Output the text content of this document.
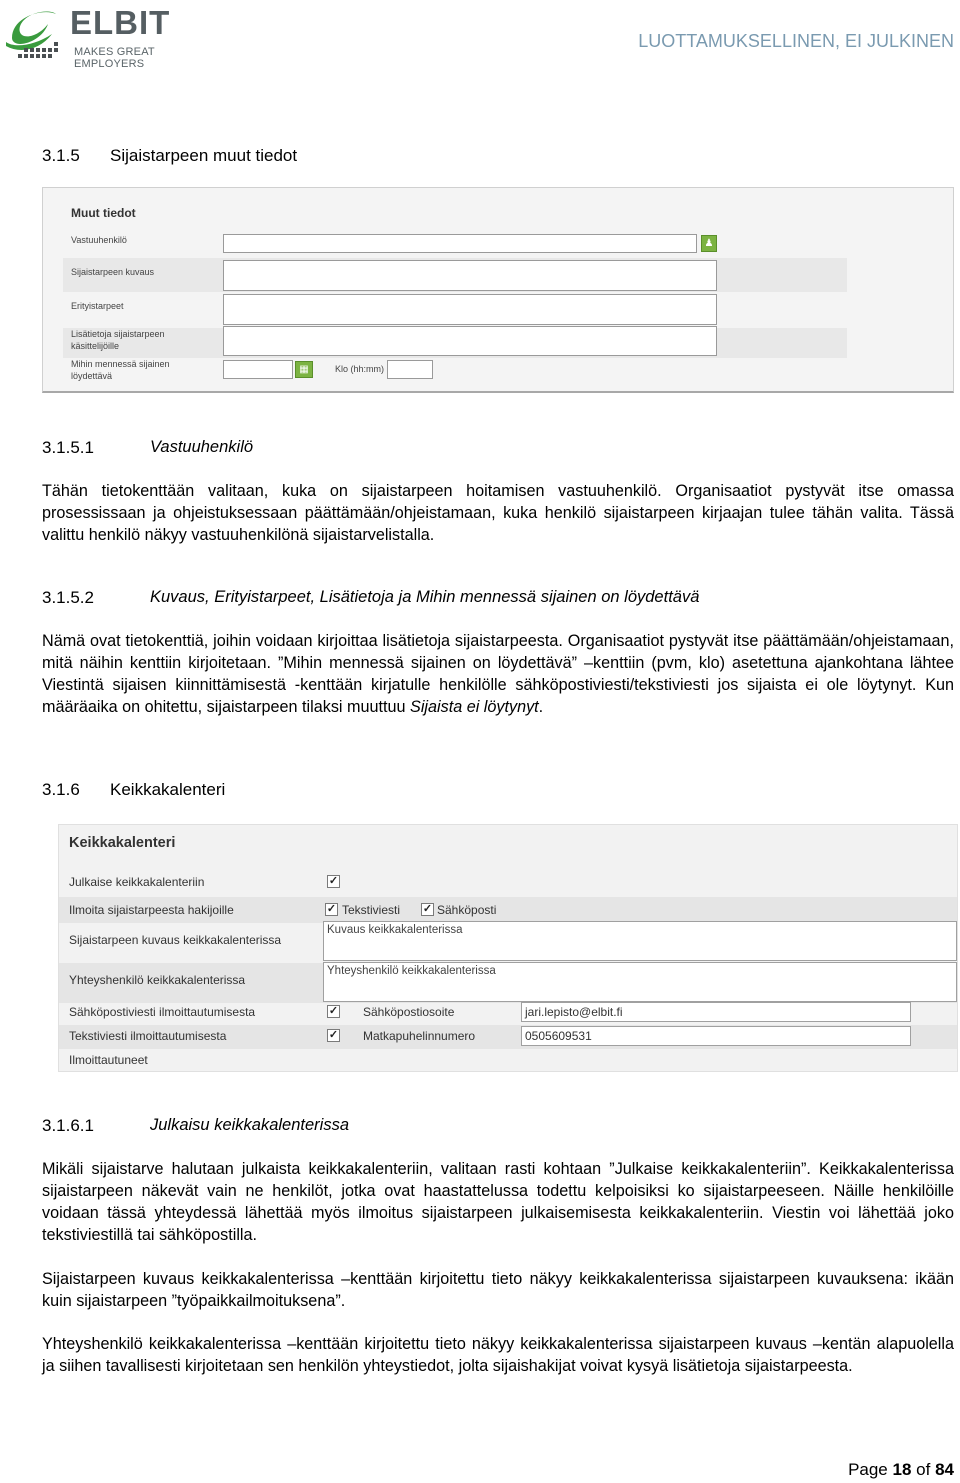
ELBIT
MAKES GREAT EMPLOYERS
LUOTTAMUKSELLINEN, EI JULKINEN
3.1.5 Sijaistarpeen muut tiedot
Muut tiedot
Vastuuhenkilö	♟
Sijaistarpeen kuvaus
Erityistarpeet
Lisätietoja sijaistarpeen käsittelijöille
Mihin mennessä sijainen löydettävä
▦	Klo (hh:mm)
3.1.5.1	Vastuuhenkilö

Tähän tietokenttään valitaan, kuka on sijaistarpeen hoitamisen vastuuhenkilö. Organisaatiot pystyvät itse omassa prosessissaan ja ohjeistuksessaan päättämään/ohjeistamaan, kuka henkilö sijaistarpeen kirjaajan tulee tähän valita. Tässä valittu henkilö näkyy vastuuhenkilönä sijaistarvelistalla.

3.1.5.2	Kuvaus, Erityistarpeet, Lisätietoja ja Mihin mennessä sijainen on löydettävä

Nämä ovat tietokenttiä, joihin voidaan kirjoittaa lisätietoja sijaistarpeesta. Organisaatiot pystyvät itse päättämään/ohjeistamaan, mitä näihin kenttiin kirjoitetaan. ”Mihin mennessä sijainen on löydettävä” –kenttiin (pvm, klo) asetettuna ajankohtana lähtee Viestintä sijaisen kiinnittämisestä -kenttään kirjatulle henkilölle sähköpostiviesti/tekstiviesti jos sijaista ei ole löytynyt. Kun määräaika on ohitettu, sijaistarpeen tilaksi muuttuu Sijaista ei löytynyt.

3.1.6 Keikkakalenteri
Keikkakalenteri
Julkaise keikkakalenteriin	✓
Ilmoita sijaistarpeesta hakijoille	✓ Tekstiviesti ✓ Sähköposti
Sijaistarpeen kuvaus keikkakalenterissa
Kuvaus keikkakalenterissa
Yhteyshenkilö keikkakalenterissa
Yhteyshenkilö keikkakalenterissa
Sähköpostiviesti ilmoittautumisesta	✓ Sähköpostiosoite	jari.lepisto@elbit.fi
Tekstiviesti ilmoittautumisesta	✓ Matkapuhelinnumero	0505609531
Ilmoittautuneet
3.1.6.1	Julkaisu keikkakalenterissa

Mikäli sijaistarve halutaan julkaista keikkakalenteriin, valitaan rasti kohtaan ”Julkaise keikkakalenteriin”. Keikkakalenterissa sijaistarpeen näkevät vain ne henkilöt, jotka ovat haastattelussa todettu kelpoisiksi ko sijaistarpeeseen. Näille henkilöille voidaan tässä yhteydessä lähettää myös ilmoitus sijaistarpeen julkaisemisesta keikkakalenteriin. Viestin voi lähettää joko tekstiviestillä tai sähköpostilla.

Sijaistarpeen kuvaus keikkakalenterissa –kenttään kirjoitettu tieto näkyy keikkakalenterissa sijaistarpeen kuvauksena: ikään kuin sijaistarpeen ”työpaikkailmoituksena”.

Yhteyshenkilö keikkakalenterissa –kenttään kirjoitettu tieto näkyy keikkakalenterissa sijaistarpeen kuvaus –kentän alapuolella ja siihen tavallisesti kirjoitetaan sen henkilön yhteystiedot, jolta sijaishakijat voivat kysyä lisätietoja sijaistarpeesta.

Page 18 of 84
